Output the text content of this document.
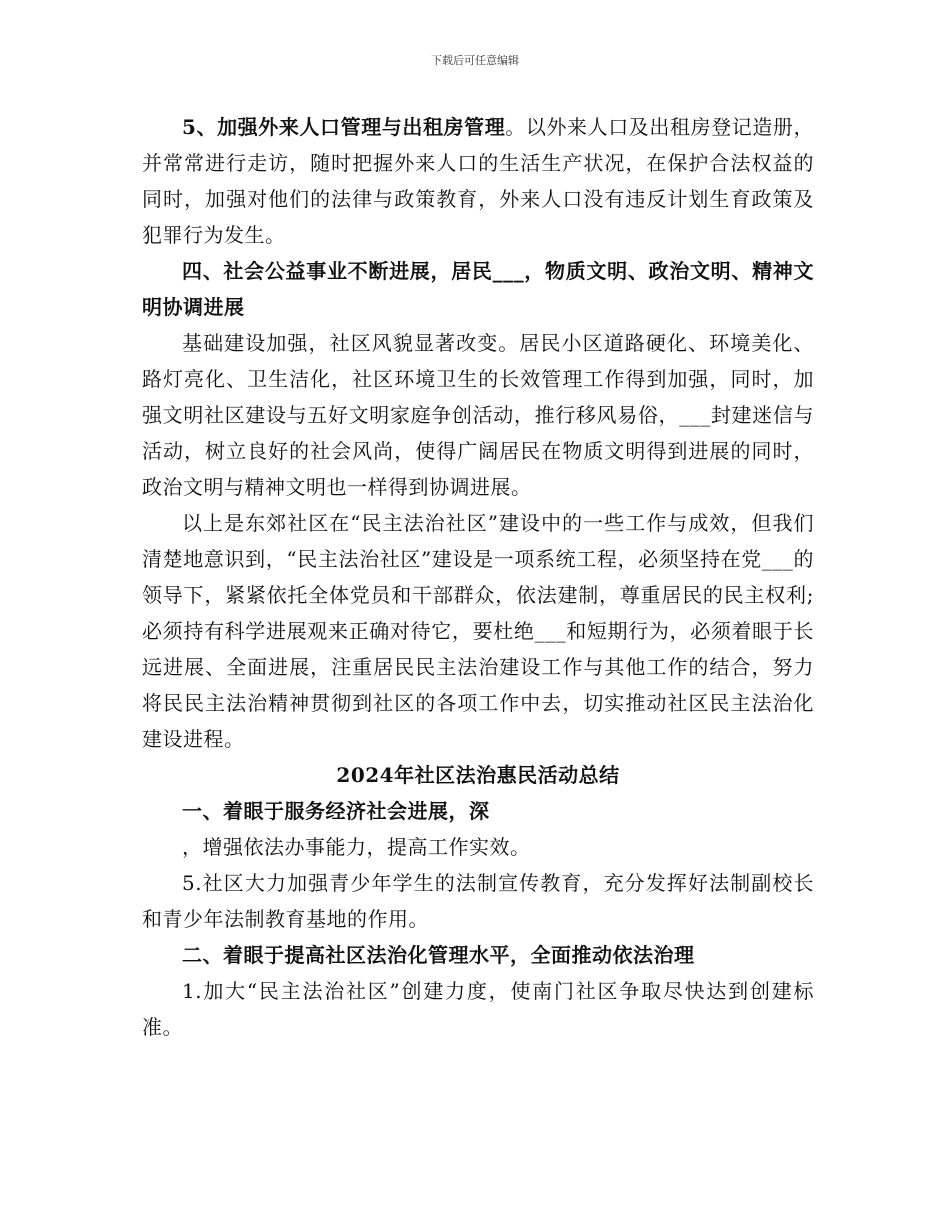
下载后可任意编辑

5、加强外来人口管理与出租房管理。以外来人口及出租房登记造册，并常常进行走访，随时把握外来人口的生活生产状况，在保护合法权益的同时，加强对他们的法律与政策教育，外来人口没有违反计划生育政策及犯罪行为发生。

四、社会公益事业不断进展，居民___，物质文明、政治文明、精神文明协调进展

基础建设加强，社区风貌显著改变。居民小区道路硬化、环境美化、路灯亮化、卫生洁化，社区环境卫生的长效管理工作得到加强，同时，加强文明社区建设与五好文明家庭争创活动，推行移风易俗，___封建迷信与活动，树立良好的社会风尚，使得广阔居民在物质文明得到进展的同时，政治文明与精神文明也一样得到协调进展。

以上是东郊社区在“民主法治社区”建设中的一些工作与成效，但我们清楚地意识到，“民主法治社区”建设是一项系统工程，必须坚持在党___的领导下，紧紧依托全体党员和干部群众，依法建制，尊重居民的民主权利;必须持有科学进展观来正确对待它，要杜绝___和短期行为，必须着眼于长远进展、全面进展，注重居民民主法治建设工作与其他工作的结合，努力将民民主法治精神贯彻到社区的各项工作中去，切实推动社区民主法治化建设进程。

2024年社区法治惠民活动总结

一、着眼于服务经济社会进展，深

，增强依法办事能力，提高工作实效。

5.社区大力加强青少年学生的法制宣传教育，充分发挥好法制副校长和青少年法制教育基地的作用。

二、着眼于提高社区法治化管理水平，全面推动依法治理

1.加大“民主法治社区”创建力度，使南门社区争取尽快达到创建标准。
